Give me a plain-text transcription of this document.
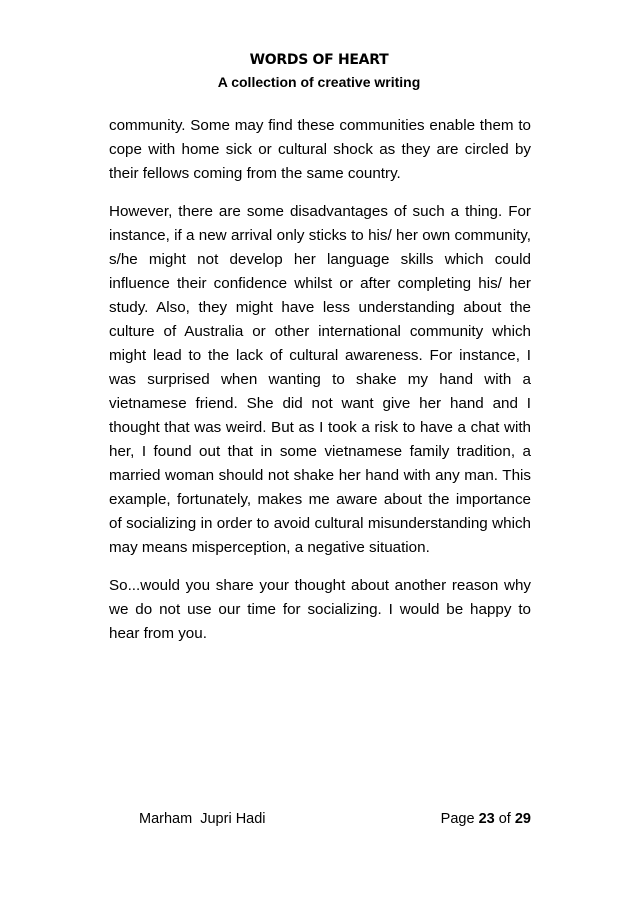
WORDS OF HEART
A collection of creative writing

community. Some may find these communities enable them to cope with home sick or cultural shock as they are circled by their fellows coming from the same country.

However, there are some disadvantages of such a thing. For instance, if a new arrival only sticks to his/ her own community, s/he might not develop her language skills which could influence their confidence whilst or after completing his/ her study. Also, they might have less understanding about the culture of Australia or other international community which might lead to the lack of cultural awareness. For instance, I was surprised when wanting to shake my hand with a vietnamese friend. She did not want give her hand and I thought that was weird. But as I took a risk to have a chat with her, I found out that in some vietnamese family tradition, a married woman should not shake her hand with any man. This example, fortunately, makes me aware about the importance of socializing in order to avoid cultural misunderstanding which may means misperception, a negative situation.

So...would you share your thought about another reason why we do not use our time for socializing. I would be happy to hear from you.

Marham  Jupri Hadi	Page 23 of 29
